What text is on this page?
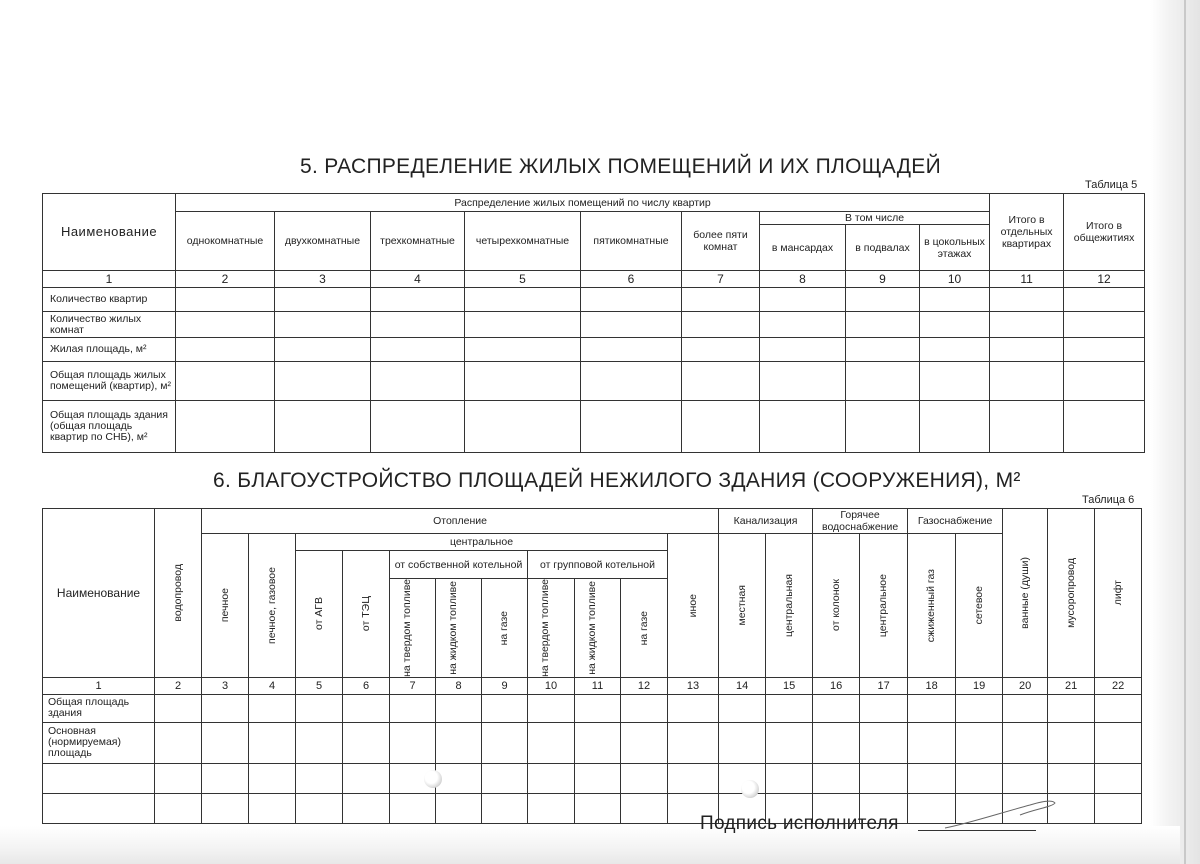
5. РАСПРЕДЕЛЕНИЕ ЖИЛЫХ ПОМЕЩЕНИЙ И ИХ ПЛОЩАДЕЙ
Таблица 5
Наименование	Распределение жилых помещений по числу квартир									Итого в отдельных квартирах	Итого в общежитиях
	однокомнатные	двухкомнатные	трехкомнатные	четырехкомнатные	пятикомнатные	более пяти комнат	В том числе				
							в мансардах	в подвалах	в цокольных этажах		
1	2	3	4	5	6	7	8	9	10	11	12
Количество квартир											
Количество жилых комнат											
Жилая площадь, м²											
Общая площадь жилых помещений (квартир), м²											
Общая площадь здания (общая площадь квартир по СНБ), м²											
6. БЛАГОУСТРОЙСТВО ПЛОЩАДЕЙ НЕЖИЛОГО ЗДАНИЯ (СООРУЖЕНИЯ), М²
Таблица 6
Наименование	водопровод	Отопление											Канализация		Горячее водоснабжение		Газоснабжение		ванные (души)	мусоропровод	лифт

		печное	печное, газовое	центральное								иное	местная	центральная	от колонок	центральное	сжиженный газ	сетевое			

				от АГВ	от ТЭЦ	от собственной котельной			от групповой котельной												

						на твердом топливе	на жидком топливе	на газе	на твердом топливе	на жидком топливе	на газе										

1	2	3	4	5	6	7	8	9	10	11	12	13	14	15	16	17	18	19	20	21	22
Общая площадь здания																					
Основная (нормируемая) площадь																					

Подпись исполнителя
